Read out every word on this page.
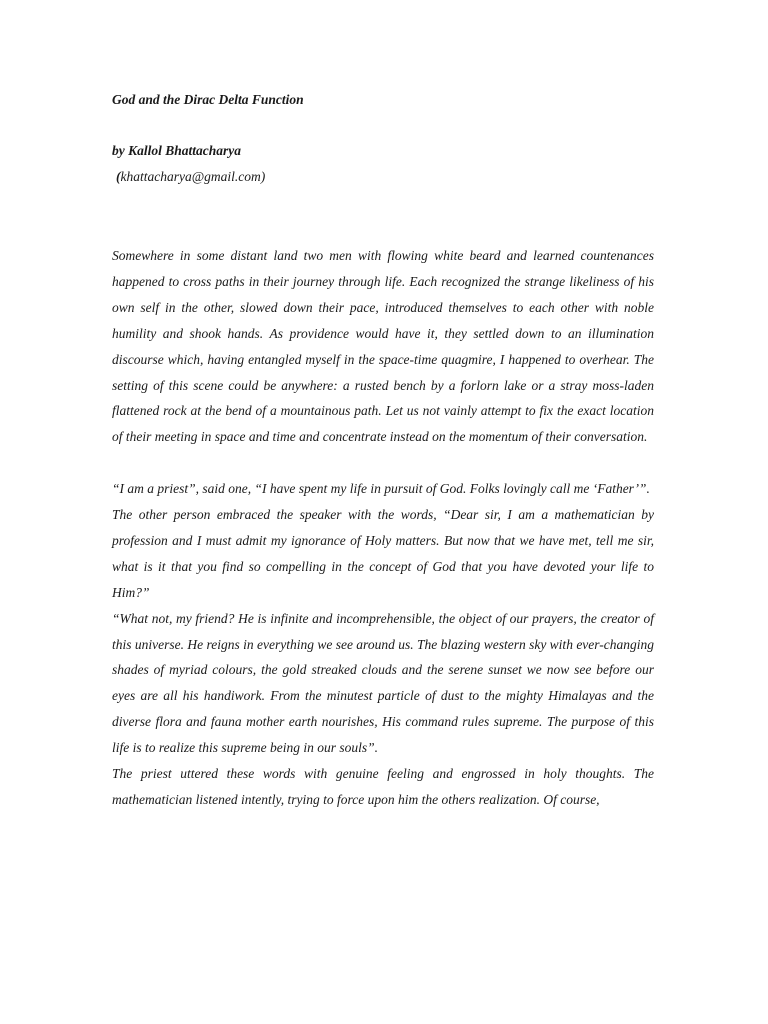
God and the Dirac Delta Function
by Kallol Bhattacharya
(khattacharya@gmail.com)

Somewhere in some distant land two men with flowing white beard and learned countenances happened to cross paths in their journey through life. Each recognized the strange likeliness of his own self in the other, slowed down their pace, introduced themselves to each other with noble humility and shook hands. As providence would have it, they settled down to an illumination discourse which, having entangled myself in the space-time quagmire, I happened to overhear. The setting of this scene could be anywhere: a rusted bench by a forlorn lake or a stray moss-laden flattened rock at the bend of a mountainous path. Let us not vainly attempt to fix the exact location of their meeting in space and time and concentrate instead on the momentum of their conversation.

“I am a priest”, said one, “I have spent my life in pursuit of God. Folks lovingly call me ‘Father’”.

The other person embraced the speaker with the words, “Dear sir, I am a mathematician by profession and I must admit my ignorance of Holy matters. But now that we have met, tell me sir, what is it that you find so compelling in the concept of God that you have devoted your life to Him?”

“What not, my friend? He is infinite and incomprehensible, the object of our prayers, the creator of this universe. He reigns in everything we see around us. The blazing western sky with ever-changing shades of myriad colours, the gold streaked clouds and the serene sunset we now see before our eyes are all his handiwork. From the minutest particle of dust to the mighty Himalayas and the diverse flora and fauna mother earth nourishes, His command rules supreme. The purpose of this life is to realize this supreme being in our souls”.

The priest uttered these words with genuine feeling and engrossed in holy thoughts. The mathematician listened intently, trying to force upon him the others realization. Of course,
